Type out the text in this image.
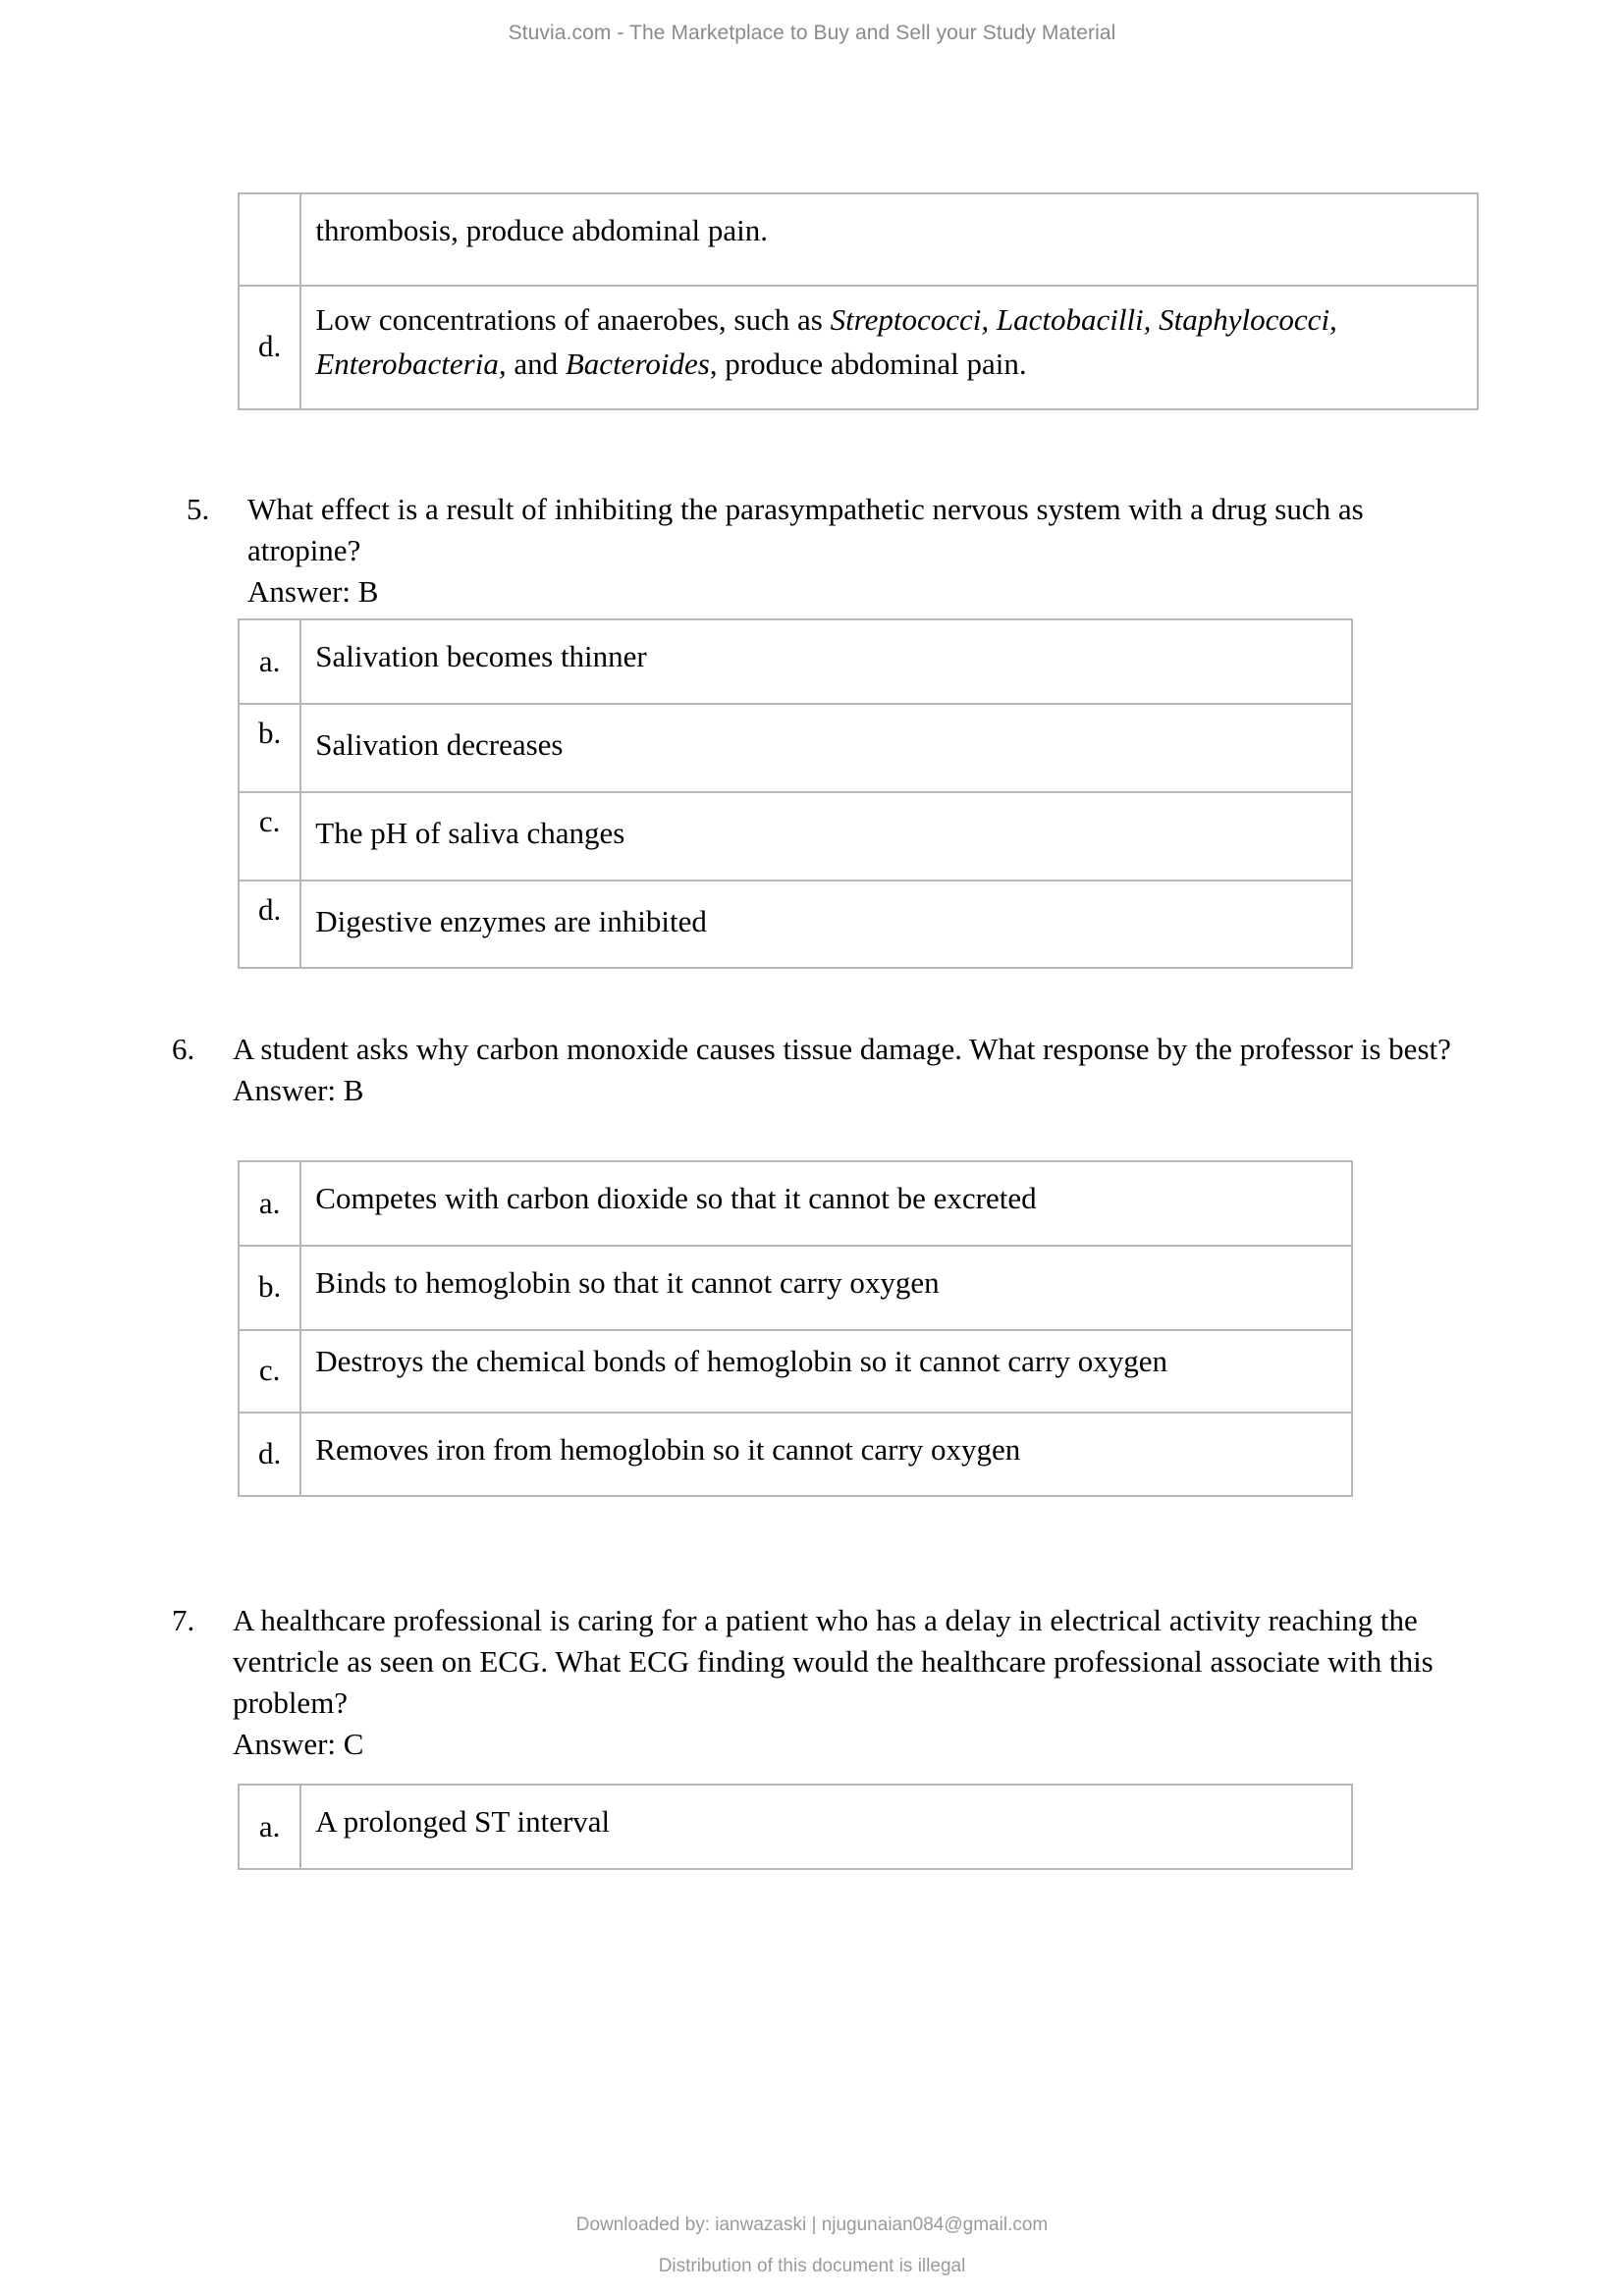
Stuvia.com - The Marketplace to Buy and Sell your Study Material
	thrombosis, produce abdominal pain.
d.	Low concentrations of anaerobes, such as Streptococci, Lactobacilli, Staphylococci, Enterobacteria, and Bacteroides, produce abdominal pain.
5.	What effect is a result of inhibiting the parasympathetic nervous system with a drug such as atropine?
Answer: B
a.	Salivation becomes thinner
b.	Salivation decreases
c.	The pH of saliva changes
d.	Digestive enzymes are inhibited
6.	A student asks why carbon monoxide causes tissue damage. What response by the professor is best?
Answer: B
a.	Competes with carbon dioxide so that it cannot be excreted
b.	Binds to hemoglobin so that it cannot carry oxygen
c.	Destroys the chemical bonds of hemoglobin so it cannot carry oxygen
d.	Removes iron from hemoglobin so it cannot carry oxygen
7.	A healthcare professional is caring for a patient who has a delay in electrical activity reaching the ventricle as seen on ECG. What ECG finding would the healthcare professional associate with this problem?
Answer: C
a.	A prolonged ST interval
Downloaded by: ianwazaski | njugunaian084@gmail.com
Distribution of this document is illegal
